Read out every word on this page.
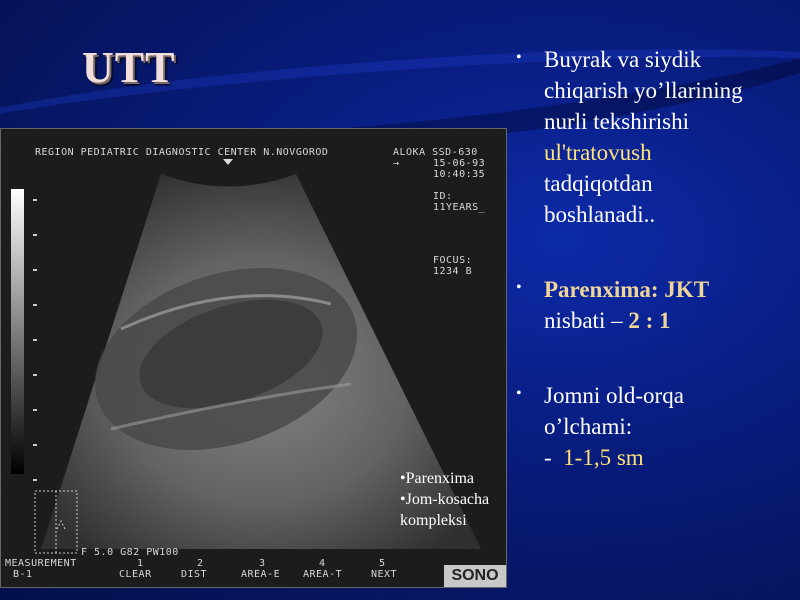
UTT
REGION PEDIATRIC DIAGNOSTIC CENTER N.NOVGOROD	ALOKA SSD-630
→	15-06-93
10:40:35
ID:
11YEARS_
FOCUS:
1234 B
F 5.0 G82 PW100
MEASUREMENT
B-1
1	2	3	4	5
CLEAR	DIST	AREA-E AREA-T	NEXT	SONO
•Parenxima
•Jom-kosacha
kompleksi
• Buyrak va siydik
chiqarish yo’llarining
nurli tekshirishi
ul'tratovush
tadqiqotdan
boshlanadi..
• Parenxima: JKT
nisbati – 2 : 1
• Jomni old-orqa
o’lchami:
-  1-1,5 sm
